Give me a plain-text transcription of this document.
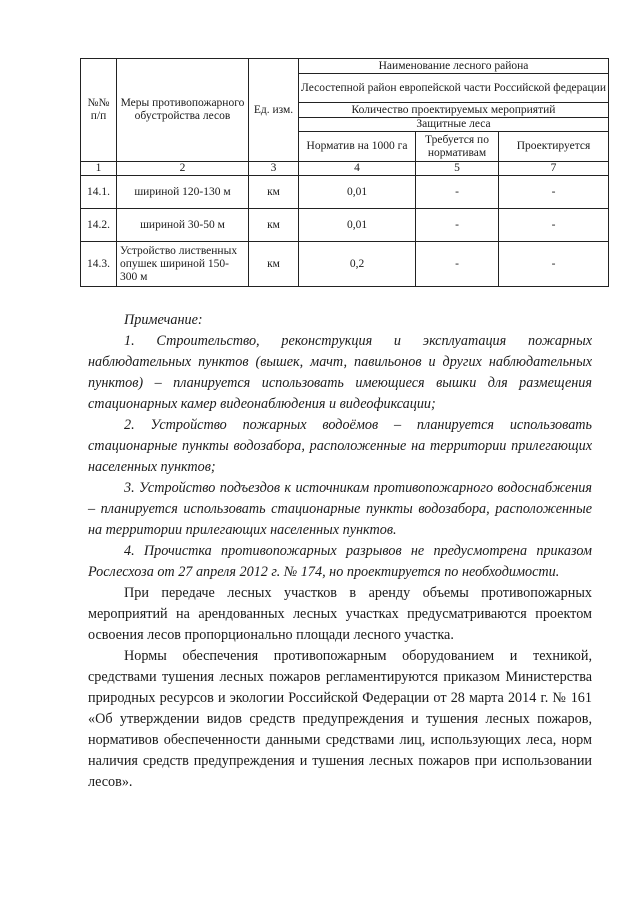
№№ п/п	Меры противопожарного обустройства лесов	Ед. изм.	Наименование лесного района		
			Лесостепной район европейской части Российской федерации		
			Количество проектируемых мероприятий		
			Защитные леса		
			Норматив на 1000 га	Требуется по нормативам	Проектируется
1	2	3	4	5	7
14.1.	шириной 120-130 м	км	0,01	-	-
14.2.	шириной 30-50 м	км	0,01	-	-
14.3.	Устройство лиственных опушек шириной 150-300 м	км	0,2	-	-

Примечание:

1. Строительство, реконструкция и эксплуатация пожарных наблюдательных пунктов (вышек, мачт, павильонов и других наблюдательных пунктов) – планируется использовать имеющиеся вышки для размещения стационарных камер видеонаблюдения и видеофиксации;

2. Устройство пожарных водоёмов – планируется использовать стационарные пункты водозабора, расположенные на территории прилегающих населенных пунктов;

3. Устройство подъездов к источникам противопожарного водоснабжения – планируется использовать стационарные пункты водозабора, расположенные на территории прилегающих населенных пунктов.

4. Прочистка противопожарных разрывов не предусмотрена приказом Рослесхоза от 27 апреля 2012 г. № 174, но проектируется по необходимости.

При передаче лесных участков в аренду объемы противопожарных мероприятий на арендованных лесных участках предусматриваются проектом освоения лесов пропорционально площади лесного участка.

Нормы обеспечения противопожарным оборудованием и техникой, средствами тушения лесных пожаров регламентируются приказом Министерства природных ресурсов и экологии Российской Федерации от 28 марта 2014 г. № 161 «Об утверждении видов средств предупреждения и тушения лесных пожаров, нормативов обеспеченности данными средствами лиц, использующих леса, норм наличия средств предупреждения и тушения лесных пожаров при использовании лесов».
